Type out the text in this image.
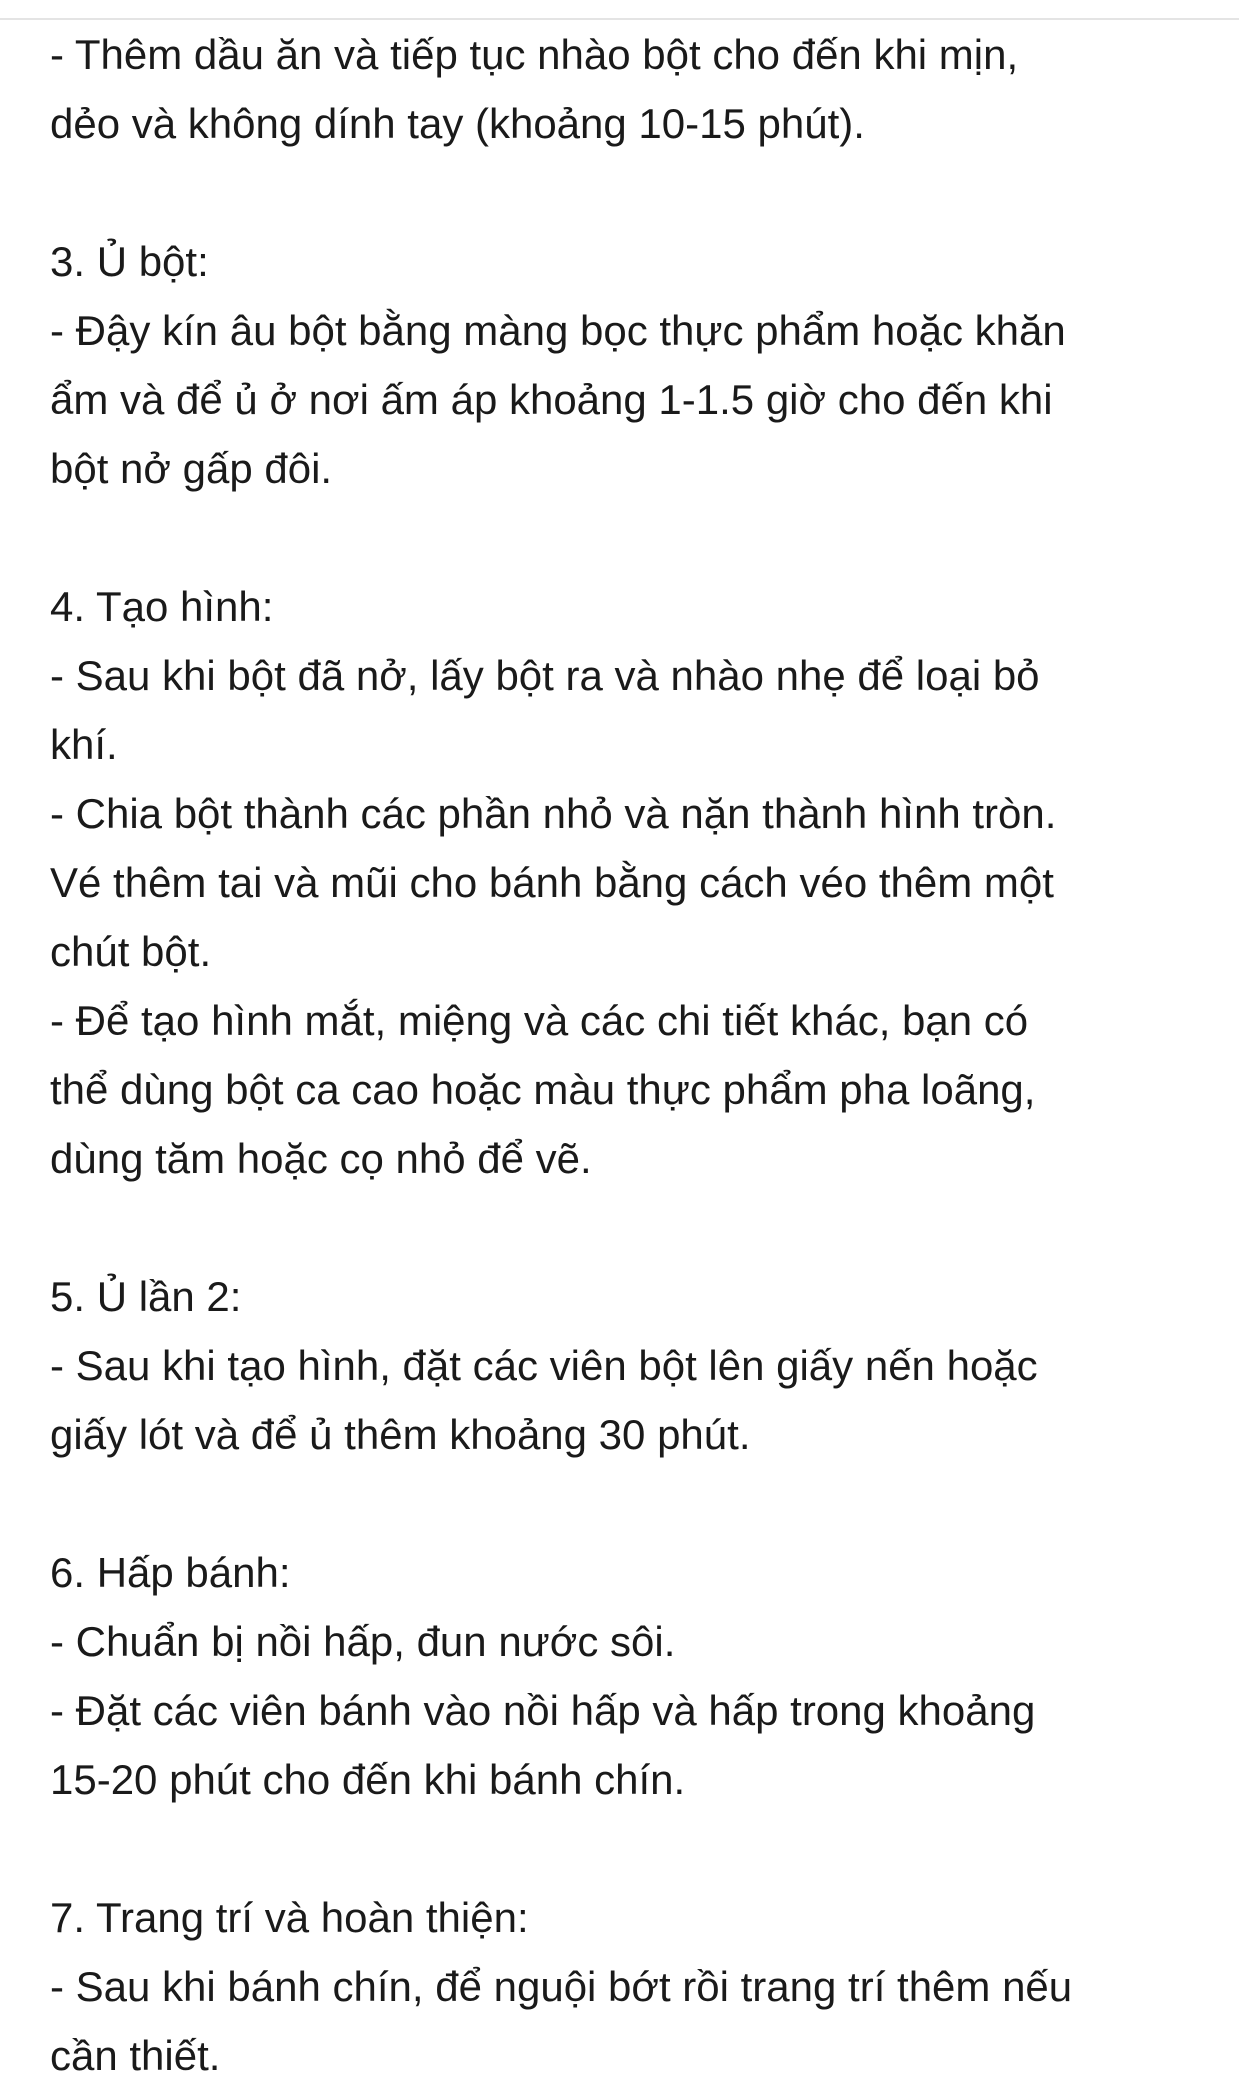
- Thêm dầu ăn và tiếp tục nhào bột cho đến khi mịn,
dẻo và không dính tay (khoảng 10-15 phút).
3. Ủ bột:
- Đậy kín âu bột bằng màng bọc thực phẩm hoặc khăn
ẩm và để ủ ở nơi ấm áp khoảng 1-1.5 giờ cho đến khi
bột nở gấp đôi.
4. Tạo hình:
- Sau khi bột đã nở, lấy bột ra và nhào nhẹ để loại bỏ
khí.
- Chia bột thành các phần nhỏ và nặn thành hình tròn.
Vé thêm tai và mũi cho bánh bằng cách véo thêm một
chút bột.
- Để tạo hình mắt, miệng và các chi tiết khác, bạn có
thể dùng bột ca cao hoặc màu thực phẩm pha loãng,
dùng tăm hoặc cọ nhỏ để vẽ.
5. Ủ lần 2:
- Sau khi tạo hình, đặt các viên bột lên giấy nến hoặc
giấy lót và để ủ thêm khoảng 30 phút.
6. Hấp bánh:
- Chuẩn bị nồi hấp, đun nước sôi.
- Đặt các viên bánh vào nồi hấp và hấp trong khoảng
15-20 phút cho đến khi bánh chín.
7. Trang trí và hoàn thiện:
- Sau khi bánh chín, để nguội bớt rồi trang trí thêm nếu
cần thiết.
